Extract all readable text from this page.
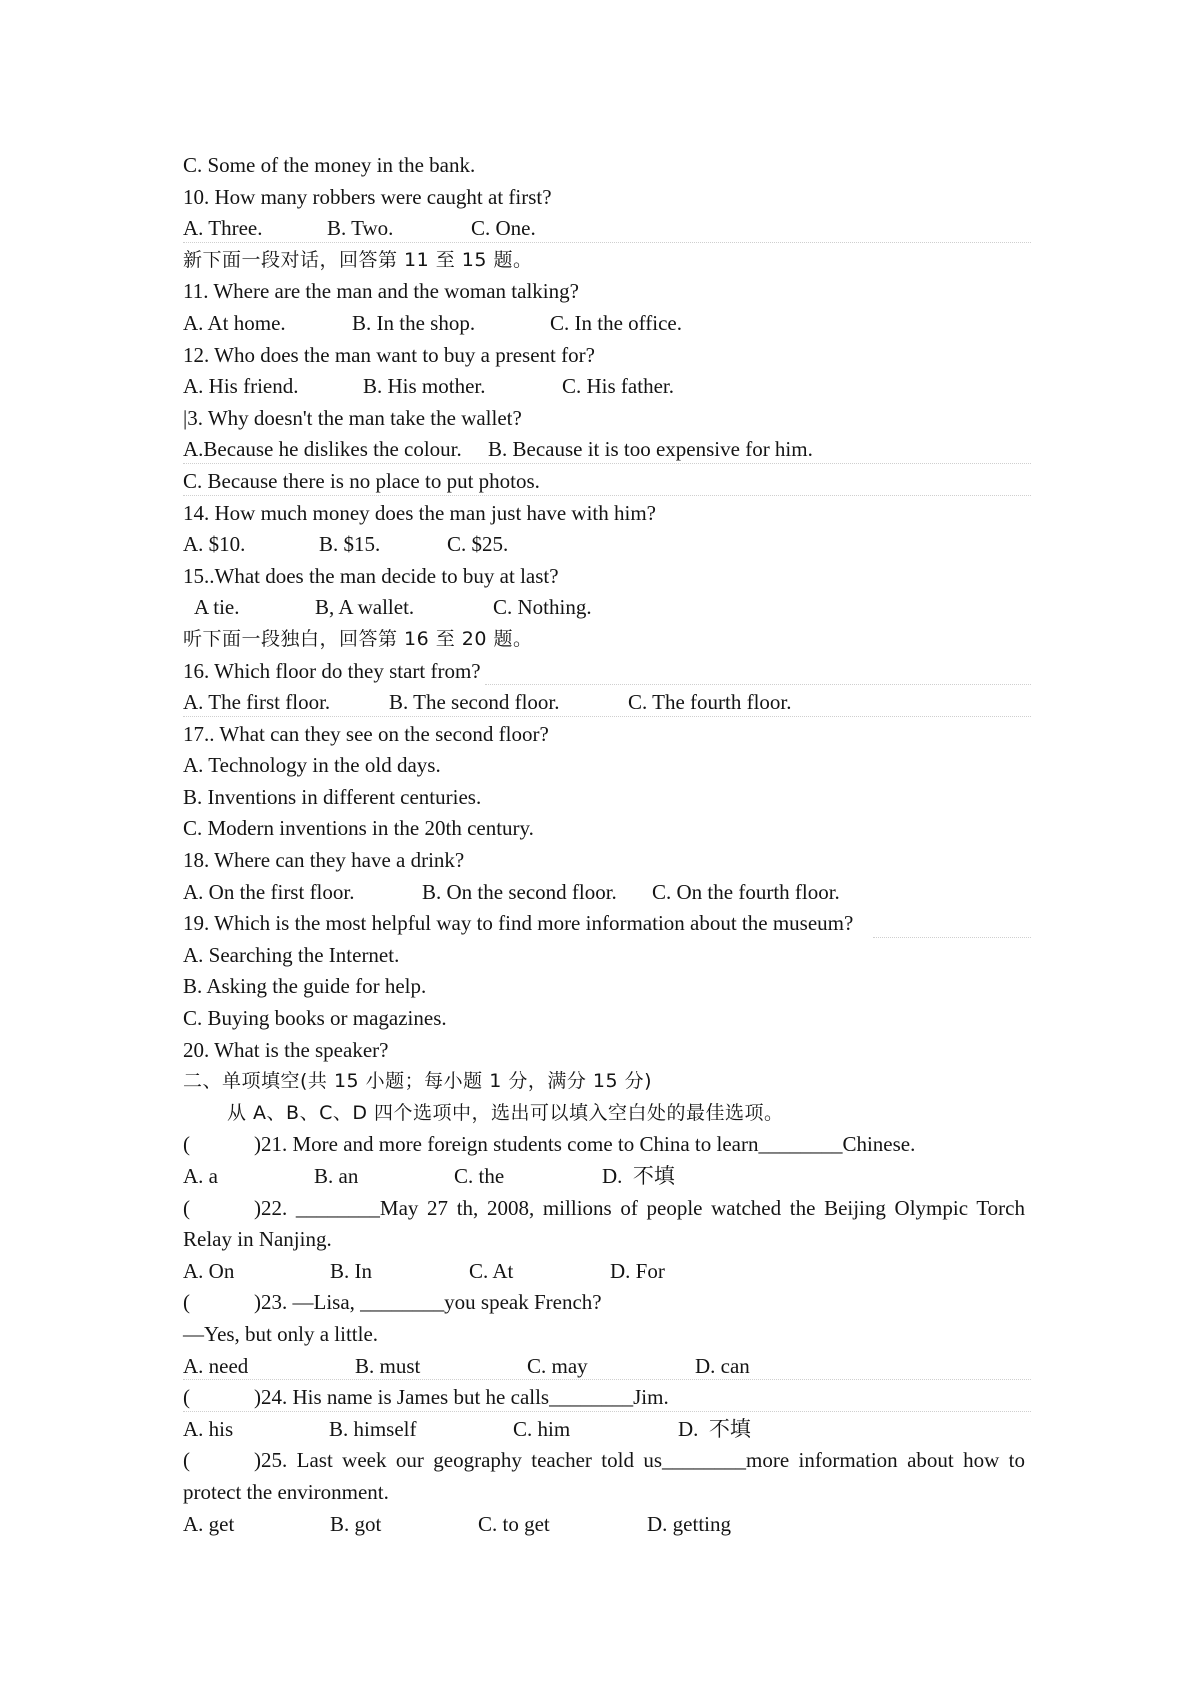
C. Some of the money in the bank.
10. How many robbers were caught at first?
A. Three.	B. Two.	C. One.
新下面一段对话，回答第 11 至 15 题。
11. Where are the man and the woman talking?
A. At home.	B. In the shop.	C. In the office.
12. Who does the man want to buy a present for?
A. His friend.	B. His mother.	C. His father.
|3. Why doesn't the man take the wallet?
A.Because he dislikes the colour. B. Because it is too expensive for him.
C. Because there is no place to put photos.
14. How much money does the man just have with him?
A. $10.	B. $15.	C. $25.
15..What does the man decide to buy at last?
A tie.	B, A wallet.	C. Nothing.
听下面一段独白，回答第 16 至 20 题。
16. Which floor do they start from?
A. The first floor.	B. The second floor.	C. The fourth floor.
17.. What can they see on the second floor?
A. Technology in the old days.
B. Inventions in different centuries.
C. Modern inventions in the 20th century.
18. Where can they have a drink?
A. On the first floor.	B. On the second floor. C. On the fourth floor.
19. Which is the most helpful way to find more information about the museum?
A. Searching the Internet.
B. Asking the guide for help.
C. Buying books or magazines.
20. What is the speaker?
二、单项填空(共 15 小题；每小题 1 分，满分 15 分)
从 A、B、C、D 四个选项中，选出可以填入空白处的最佳选项。
(	)21. More and more foreign students come to China to learn________Chinese.
A. a	B. an	C. the	D.  不填
(	)22. ________May 27 th, 2008, millions of people watched the Beijing Olympic Torch
Relay in Nanjing.
A. On	B. In	C. At	D. For
(	)23. —Lisa, ________you speak French?
—Yes, but only a little.
A. need	B. must	C. may	D. can
(	)24. His name is James but he calls________Jim.
A. his	B. himself	C. him	D.  不填
(	)25. Last week our geography teacher told us________more information about how to
protect the environment.
A. get	B. got	C. to get	D. getting
